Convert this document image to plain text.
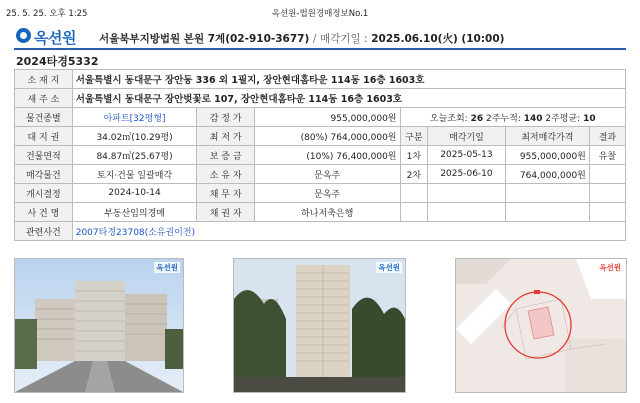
25. 5. 25. 오후 1:25	옥션원-법원경매정보No.1
옥션원 서울북부지방법원 본원 7계(02-910-3677) / 매각기일 : 2025.06.10(火) (10:00)
2024타경5332
소 재 지	서울특별시 동대문구 장안동 336 외 1필지, 장안현대홈타운 114동 16층 1603호						
새 주 소	서울특별시 동대문구 장안벚꽃로 107, 장안현대홈타운 114동 16층 1603호						
물건종별	아파트[32평형]	감 정 가	955,000,000원	오늘조회: 26 2주누적: 140 2주평균: 10			
대 지 권	34.02㎡(10.29평)	최 저 가	(80%) 764,000,000원	구분	매각기일	최저매각가격	결과
건물면적	84.87㎡(25.67평)	보 증 금	(10%) 76,400,000원	1차	2025-05-13	955,000,000원	유찰
매각물건	토지·건물 일괄매각	소 유 자	문옥주	2차	2025-06-10	764,000,000원	
개시결정	2024-10-14	채 무 자	문옥주				
사 건 명	부동산임의경매	채 권 자	하나저축은행				
관련사건	2007타경23708(소유권이전)						
옥션원	옥션원	옥션원
